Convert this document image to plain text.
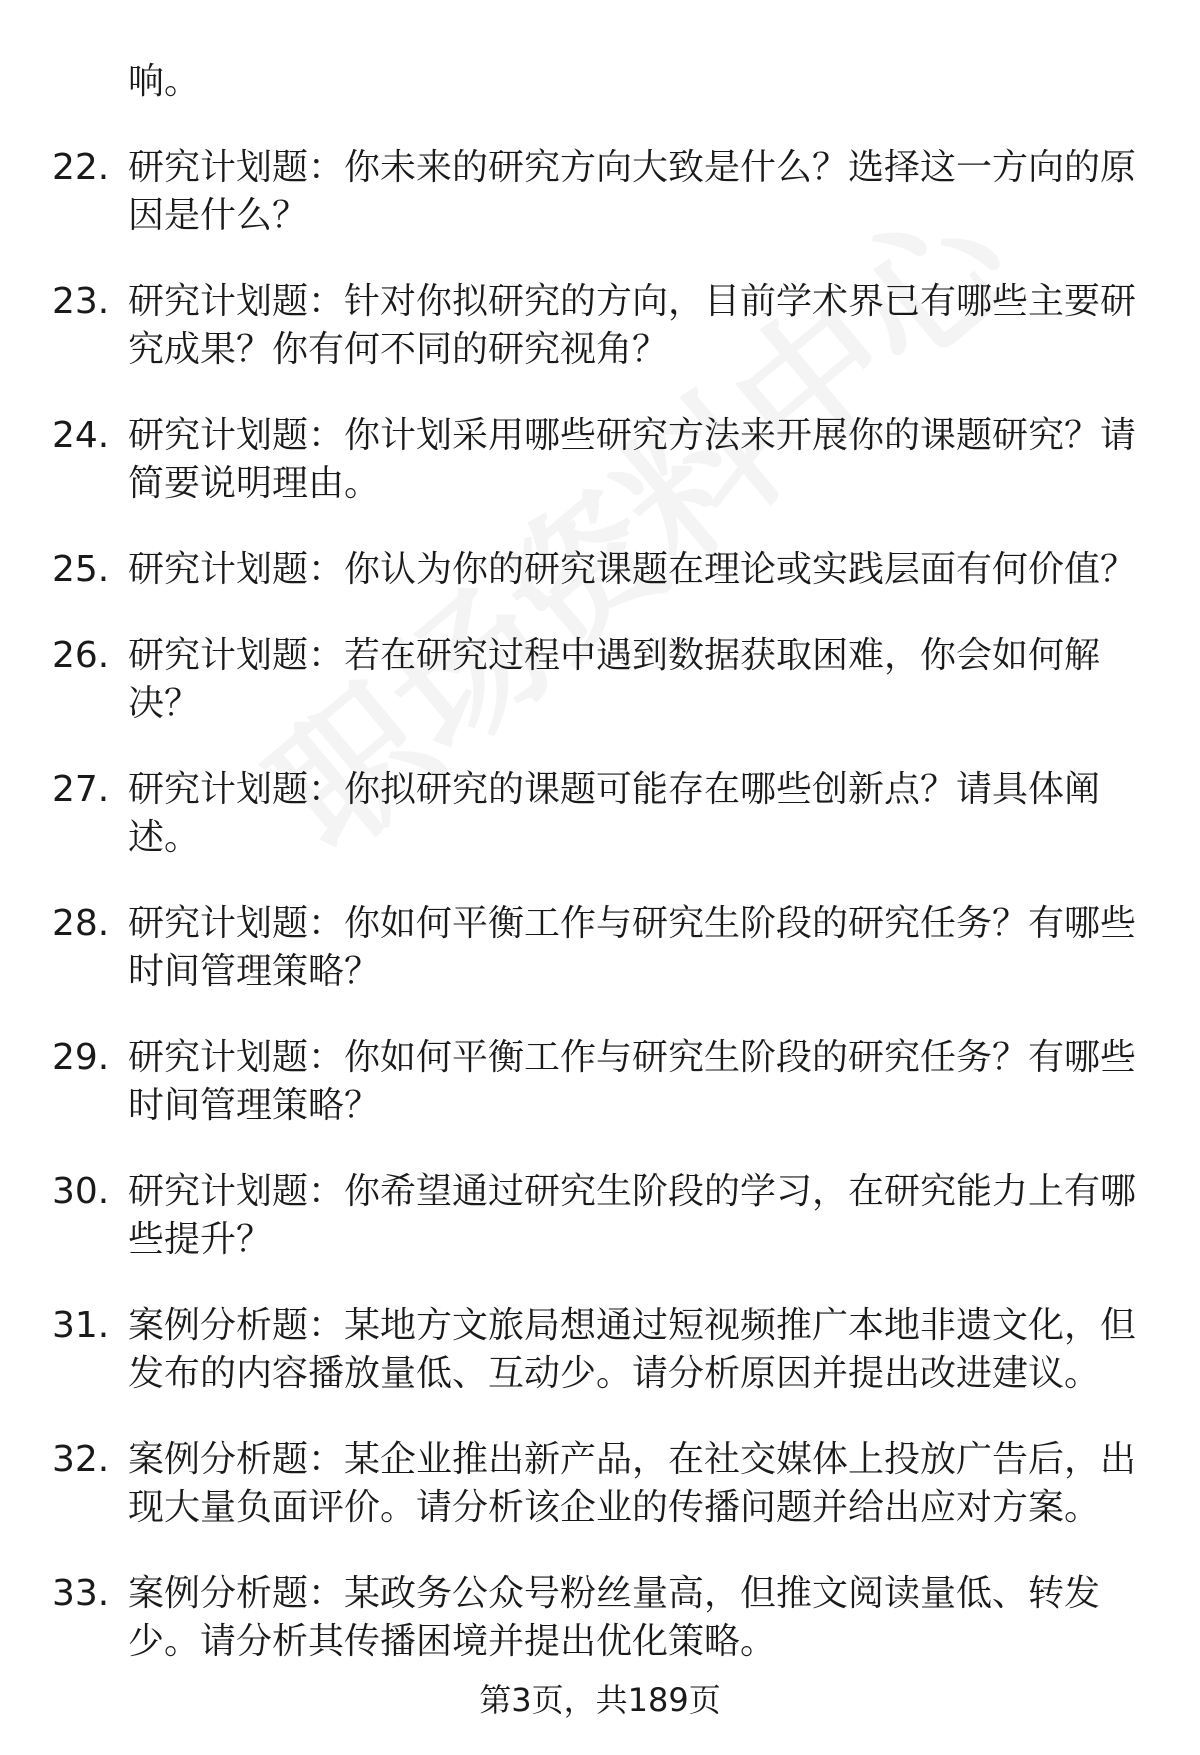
响。
22. 研究计划题：你未来的研究方向大致是什么？选择这一方向的原因是什么？
23. 研究计划题：针对你拟研究的方向，目前学术界已有哪些主要研究成果？你有何不同的研究视角？
24. 研究计划题：你计划采用哪些研究方法来开展你的课题研究？请简要说明理由。
25. 研究计划题：你认为你的研究课题在理论或实践层面有何价值？
26. 研究计划题：若在研究过程中遇到数据获取困难，你会如何解决？
27. 研究计划题：你拟研究的课题可能存在哪些创新点？请具体阐述。
28. 研究计划题：你如何平衡工作与研究生阶段的研究任务？有哪些时间管理策略？
29. 研究计划题：你如何平衡工作与研究生阶段的研究任务？有哪些时间管理策略？
30. 研究计划题：你希望通过研究生阶段的学习，在研究能力上有哪些提升？
31. 案例分析题：某地方文旅局想通过短视频推广本地非遗文化，但发布的内容播放量低、互动少。请分析原因并提出改进建议。
32. 案例分析题：某企业推出新产品，在社交媒体上投放广告后，出现大量负面评价。请分析该企业的传播问题并给出应对方案。
33. 案例分析题：某政务公众号粉丝量高，但推文阅读量低、转发少。请分析其传播困境并提出优化策略。
第3页，共189页
